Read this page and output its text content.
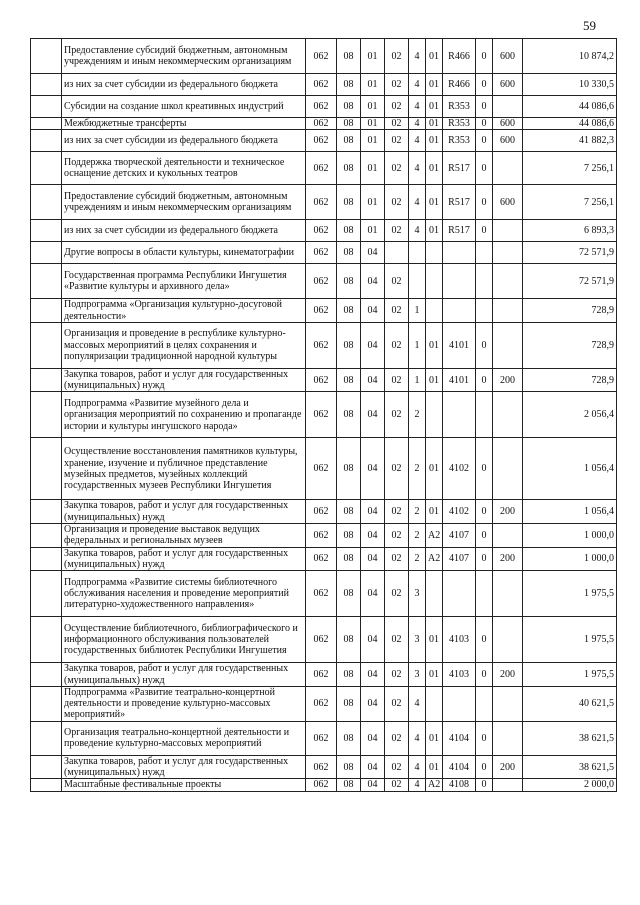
59
	Предоставление субсидий бюджетным, автономным учреждениям и иным некоммерческим организациям	062	08	01	02	4	01	R466	0	600	10 874,2
	из них за счет субсидии из федерального бюджета	062	08	01	02	4	01	R466	0	600	10 330,5
	Субсидии на создание школ креативных индустрий	062	08	01	02	4	01	R353	0		44 086,6
	Межбюджетные трансферты	062	08	01	02	4	01	R353	0	600	44 086,6
	из них за счет субсидии из федерального бюджета	062	08	01	02	4	01	R353	0	600	41 882,3
	Поддержка творческой деятельности и техническое оснащение детских и кукольных театров	062	08	01	02	4	01	R517	0		7 256,1
	Предоставление субсидий бюджетным, автономным учреждениям и иным некоммерческим организациям	062	08	01	02	4	01	R517	0	600	7 256,1
	из них за счет субсидии из федерального бюджета	062	08	01	02	4	01	R517	0		6 893,3
	Другие вопросы в области культуры, кинематографии	062	08	04							72 571,9
	Государственная программа Республики Ингушетия «Развитие культуры и архивного дела»	062	08	04	02						72 571,9
	Подпрограмма «Организация культурно-досуговой деятельности»	062	08	04	02	1					728,9
	Организация и проведение в республике культурно-массовых мероприятий в целях сохранения и популяризации традиционной народной культуры	062	08	04	02	1	01	4101	0		728,9
	Закупка товаров, работ и услуг для государственных (муниципальных) нужд	062	08	04	02	1	01	4101	0	200	728,9
	Подпрограмма «Развитие музейного дела и организация мероприятий по сохранению и пропаганде истории и культуры ингушского народа»	062	08	04	02	2					2 056,4
	Осуществление восстановления памятников культуры, хранение, изучение и публичное представление музейных предметов, музейных коллекций государственных музеев Республики Ингушетия	062	08	04	02	2	01	4102	0		1 056,4
	Закупка товаров, работ и услуг для государственных (муниципальных) нужд	062	08	04	02	2	01	4102	0	200	1 056,4
	Организация и проведение выставок ведущих федеральных и региональных музеев	062	08	04	02	2	A2	4107	0		1 000,0
	Закупка товаров, работ и услуг для государственных (муниципальных) нужд	062	08	04	02	2	A2	4107	0	200	1 000,0
	Подпрограмма «Развитие системы библиотечного обслуживания населения и проведение мероприятий литературно-художественного направления»	062	08	04	02	3					1 975,5
	Осуществление библиотечного, библиографического и информационного обслуживания пользователей государственных библиотек Республики Ингушетия	062	08	04	02	3	01	4103	0		1 975,5
	Закупка товаров, работ и услуг для государственных (муниципальных) нужд	062	08	04	02	3	01	4103	0	200	1 975,5
	Подпрограмма «Развитие театрально-концертной деятельности и проведение культурно-массовых мероприятий»	062	08	04	02	4					40 621,5
	Организация театрально-концертной деятельности и проведение культурно-массовых мероприятий	062	08	04	02	4	01	4104	0		38 621,5
	Закупка товаров, работ и услуг для государственных (муниципальных) нужд	062	08	04	02	4	01	4104	0	200	38 621,5
	Масштабные фестивальные проекты	062	08	04	02	4	A2	4108	0		2 000,0
